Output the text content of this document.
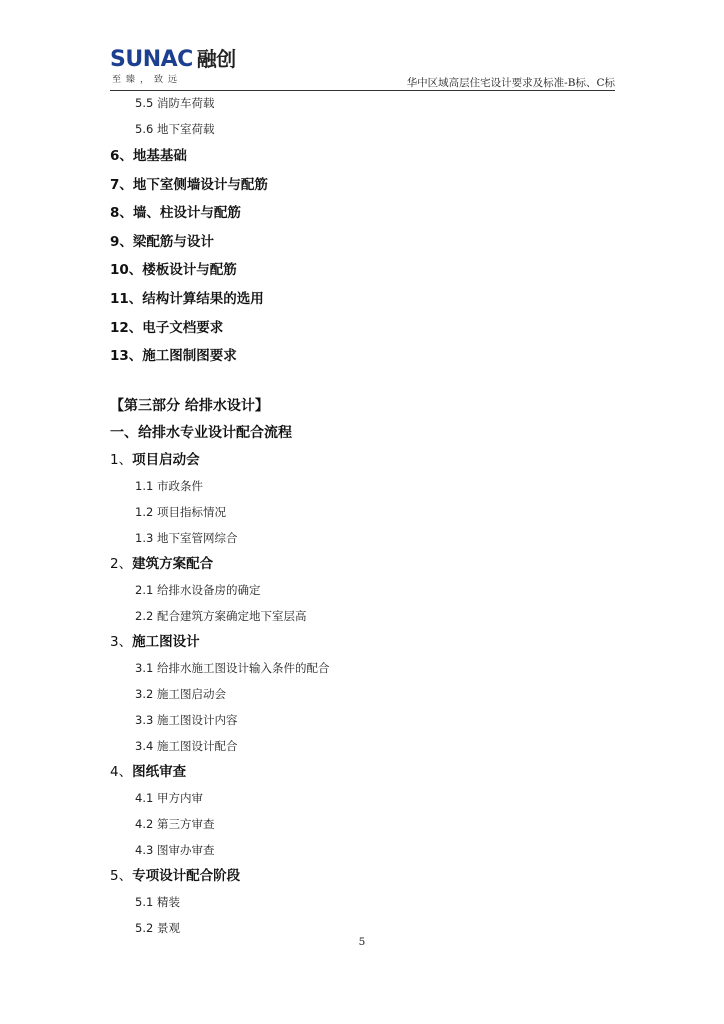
SUNAC 融创
至臻，致远	华中区域高层住宅设计要求及标准-B标、C标
5.5 消防车荷载
5.6 地下室荷载
6、地基基础
7、地下室侧墙设计与配筋
8、墙、柱设计与配筋
9、梁配筋与设计
10、楼板设计与配筋
11、结构计算结果的选用
12、电子文档要求
13、施工图制图要求
【第三部分 给排水设计】
一、给排水专业设计配合流程
1、项目启动会
1.1 市政条件
1.2 项目指标情况
1.3 地下室管网综合
2、建筑方案配合
2.1 给排水设备房的确定
2.2 配合建筑方案确定地下室层高
3、施工图设计
3.1 给排水施工图设计输入条件的配合
3.2 施工图启动会
3.3 施工图设计内容
3.4 施工图设计配合
4、图纸审查
4.1 甲方内审
4.2 第三方审查
4.3 图审办审查
5、专项设计配合阶段
5.1 精装
5.2 景观
5
